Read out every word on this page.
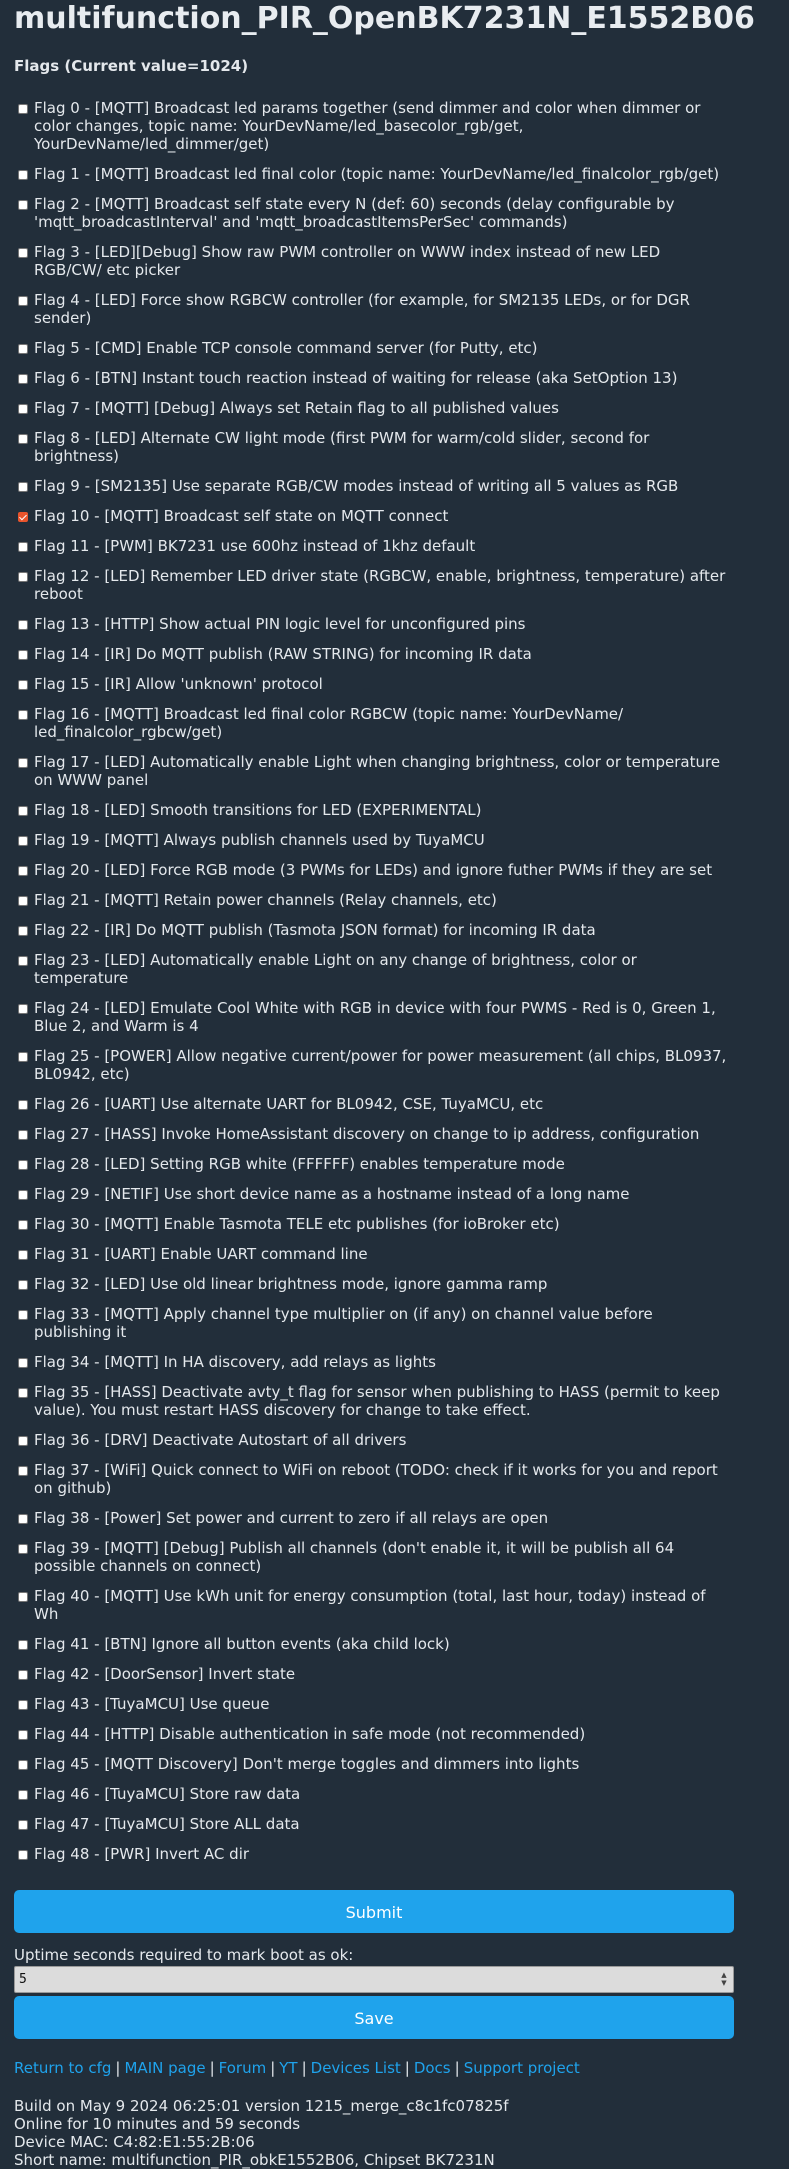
multifunction_PIR_OpenBK7231N_E1552B06
Flags (Current value=1024)
Flag 0 - [MQTT] Broadcast led params together (send dimmer and color when dimmer or color changes, topic name: YourDevName/led_basecolor_rgb/get, YourDevName/led_dimmer/get)
Flag 1 - [MQTT] Broadcast led final color (topic name: YourDevName/led_finalcolor_rgb/get)
Flag 2 - [MQTT] Broadcast self state every N (def: 60) seconds (delay configurable by 'mqtt_broadcastInterval' and 'mqtt_broadcastItemsPerSec' commands)
Flag 3 - [LED][Debug] Show raw PWM controller on WWW index instead of new LED RGB/CW/ etc picker
Flag 4 - [LED] Force show RGBCW controller (for example, for SM2135 LEDs, or for DGR sender)
Flag 5 - [CMD] Enable TCP console command server (for Putty, etc)
Flag 6 - [BTN] Instant touch reaction instead of waiting for release (aka SetOption 13)
Flag 7 - [MQTT] [Debug] Always set Retain flag to all published values
Flag 8 - [LED] Alternate CW light mode (first PWM for warm/cold slider, second for brightness)
Flag 9 - [SM2135] Use separate RGB/CW modes instead of writing all 5 values as RGB
Flag 10 - [MQTT] Broadcast self state on MQTT connect
Flag 11 - [PWM] BK7231 use 600hz instead of 1khz default
Flag 12 - [LED] Remember LED driver state (RGBCW, enable, brightness, temperature) after reboot
Flag 13 - [HTTP] Show actual PIN logic level for unconfigured pins
Flag 14 - [IR] Do MQTT publish (RAW STRING) for incoming IR data
Flag 15 - [IR] Allow 'unknown' protocol
Flag 16 - [MQTT] Broadcast led final color RGBCW (topic name: YourDevName/ led_finalcolor_rgbcw/get)
Flag 17 - [LED] Automatically enable Light when changing brightness, color or temperature on WWW panel
Flag 18 - [LED] Smooth transitions for LED (EXPERIMENTAL)
Flag 19 - [MQTT] Always publish channels used by TuyaMCU
Flag 20 - [LED] Force RGB mode (3 PWMs for LEDs) and ignore futher PWMs if they are set
Flag 21 - [MQTT] Retain power channels (Relay channels, etc)
Flag 22 - [IR] Do MQTT publish (Tasmota JSON format) for incoming IR data
Flag 23 - [LED] Automatically enable Light on any change of brightness, color or temperature
Flag 24 - [LED] Emulate Cool White with RGB in device with four PWMS - Red is 0, Green 1, Blue 2, and Warm is 4
Flag 25 - [POWER] Allow negative current/power for power measurement (all chips, BL0937, BL0942, etc)
Flag 26 - [UART] Use alternate UART for BL0942, CSE, TuyaMCU, etc
Flag 27 - [HASS] Invoke HomeAssistant discovery on change to ip address, configuration
Flag 28 - [LED] Setting RGB white (FFFFFF) enables temperature mode
Flag 29 - [NETIF] Use short device name as a hostname instead of a long name
Flag 30 - [MQTT] Enable Tasmota TELE etc publishes (for ioBroker etc)
Flag 31 - [UART] Enable UART command line
Flag 32 - [LED] Use old linear brightness mode, ignore gamma ramp
Flag 33 - [MQTT] Apply channel type multiplier on (if any) on channel value before publishing it
Flag 34 - [MQTT] In HA discovery, add relays as lights
Flag 35 - [HASS] Deactivate avty_t flag for sensor when publishing to HASS (permit to keep value). You must restart HASS discovery for change to take effect.
Flag 36 - [DRV] Deactivate Autostart of all drivers
Flag 37 - [WiFi] Quick connect to WiFi on reboot (TODO: check if it works for you and report on github)
Flag 38 - [Power] Set power and current to zero if all relays are open
Flag 39 - [MQTT] [Debug] Publish all channels (don't enable it, it will be publish all 64 possible channels on connect)
Flag 40 - [MQTT] Use kWh unit for energy consumption (total, last hour, today) instead of Wh
Flag 41 - [BTN] Ignore all button events (aka child lock)
Flag 42 - [DoorSensor] Invert state
Flag 43 - [TuyaMCU] Use queue
Flag 44 - [HTTP] Disable authentication in safe mode (not recommended)
Flag 45 - [MQTT Discovery] Don't merge toggles and dimmers into lights
Flag 46 - [TuyaMCU] Store raw data
Flag 47 - [TuyaMCU] Store ALL data
Flag 48 - [PWR] Invert AC dir
Submit
Uptime seconds required to mark boot as ok:
5
▲
▼
Save
Return to cfg | MAIN page | Forum | YT | Devices List | Docs | Support project
Build on May 9 2024 06:25:01 version 1215_merge_c8c1fc07825f
Online for 10 minutes and 59 seconds
Device MAC: C4:82:E1:55:2B:06
Short name: multifunction_PIR_obkE1552B06, Chipset BK7231N
